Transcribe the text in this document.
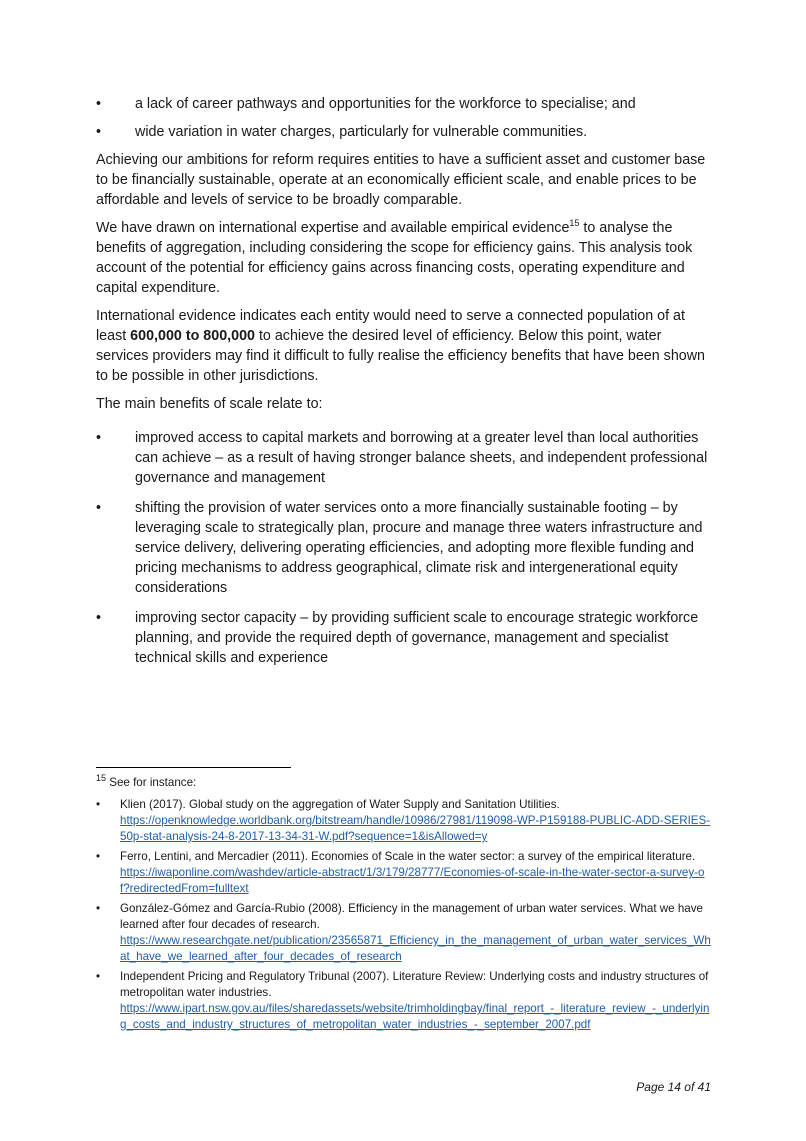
• a lack of career pathways and opportunities for the workforce to specialise; and
• wide variation in water charges, particularly for vulnerable communities.

Achieving our ambitions for reform requires entities to have a sufficient asset and customer base to be financially sustainable, operate at an economically efficient scale, and enable prices to be affordable and levels of service to be broadly comparable.

We have drawn on international expertise and available empirical evidence$^{15}$ to analyse the benefits of aggregation, including considering the scope for efficiency gains. This analysis took account of the potential for efficiency gains across financing costs, operating expenditure and capital expenditure.

International evidence indicates each entity would need to serve a connected population of at least 600,000 to 800,000 to achieve the desired level of efficiency. Below this point, water services providers may find it difficult to fully realise the efficiency benefits that have been shown to be possible in other jurisdictions.

The main benefits of scale relate to:

• improved access to capital markets and borrowing at a greater level than local authorities can achieve – as a result of having stronger balance sheets, and independent professional governance and management
• shifting the provision of water services onto a more financially sustainable footing – by leveraging scale to strategically plan, procure and manage three waters infrastructure and service delivery, delivering operating efficiencies, and adopting more flexible funding and pricing mechanisms to address geographical, climate risk and intergenerational equity considerations
• improving sector capacity – by providing sufficient scale to encourage strategic workforce planning, and provide the required depth of governance, management and specialist technical skills and experience
$^{15}$ See for instance:
• Klien (2017). Global study on the aggregation of Water Supply and Sanitation Utilities.
https://openknowledge.worldbank.org/bitstream/handle/10986/27981/119098-WP-P159188-PUBLIC-ADD-SERIES-50p-stat-analysis-24-8-2017-13-34-31-W.pdf?sequence=1&isAllowed=y
• Ferro, Lentini, and Mercadier (2011). Economies of Scale in the water sector: a survey of the empirical literature.
https://iwaponline.com/washdev/article-abstract/1/3/179/28777/Economies-of-scale-in-the-water-sector-a-survey-of?redirectedFrom=fulltext
• González-Gómez and García-Rubio (2008). Efficiency in the management of urban water services. What we have learned after four decades of research.
https://www.researchgate.net/publication/23565871_Efficiency_in_the_management_of_urban_water_services_What_have_we_learned_after_four_decades_of_research
• Independent Pricing and Regulatory Tribunal (2007). Literature Review: Underlying costs and industry structures of metropolitan water industries.
https://www.ipart.nsw.gov.au/files/sharedassets/website/trimholdingbay/final_report_-_literature_review_-_underlying_costs_and_industry_structures_of_metropolitan_water_industries_-_september_2007.pdf
Page 14 of 41
